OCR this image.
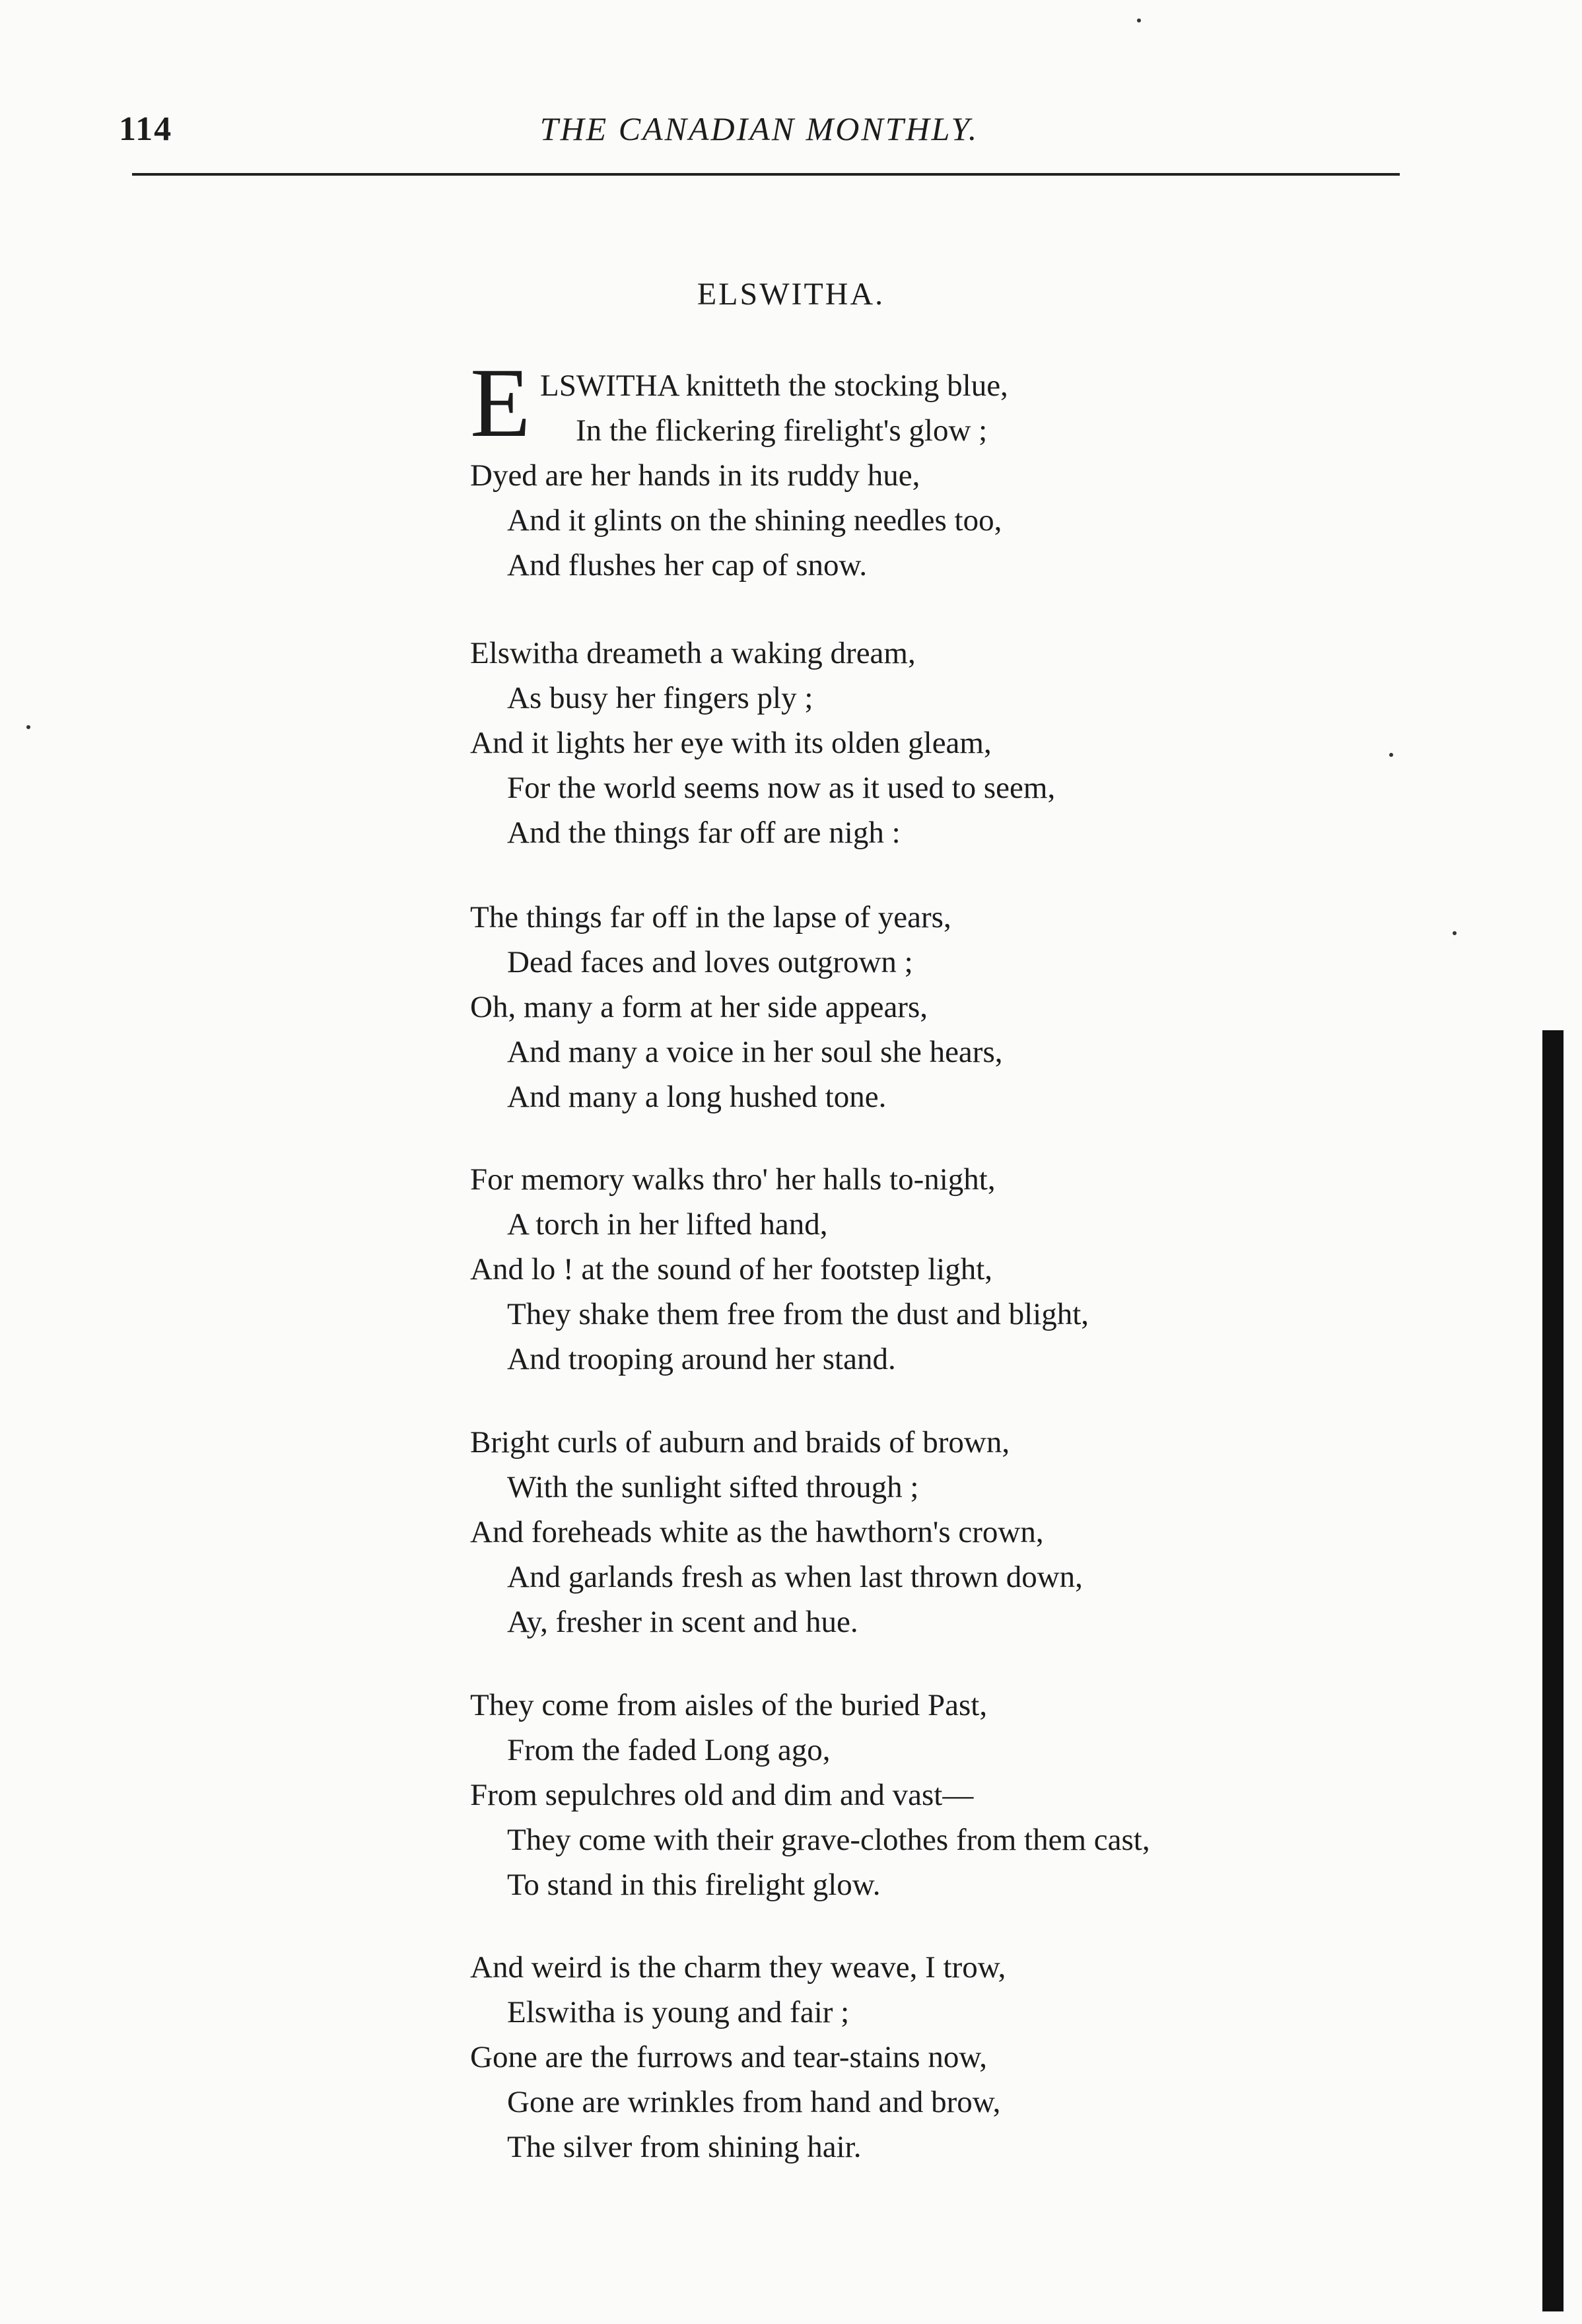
114	THE CANADIAN MONTHLY.
ELSWITHA.
E LSWITHA knitteth the stocking blue,
In the flickering firelight's glow ;
Dyed are her hands in its ruddy hue,
And it glints on the shining needles too,
And flushes her cap of snow.
Elswitha dreameth a waking dream,
As busy her fingers ply ;
And it lights her eye with its olden gleam,
For the world seems now as it used to seem,
And the things far off are nigh :
The things far off in the lapse of years,
Dead faces and loves outgrown ;
Oh, many a form at her side appears,
And many a voice in her soul she hears,
And many a long hushed tone.
For memory walks thro' her halls to-night,
A torch in her lifted hand,
And lo ! at the sound of her footstep light,
They shake them free from the dust and blight,
And trooping around her stand.
Bright curls of auburn and braids of brown,
With the sunlight sifted through ;
And foreheads white as the hawthorn's crown,
And garlands fresh as when last thrown down,
Ay, fresher in scent and hue.
They come from aisles of the buried Past,
From the faded Long ago,
From sepulchres old and dim and vast—
They come with their grave-clothes from them cast,
To stand in this firelight glow.
And weird is the charm they weave, I trow,
Elswitha is young and fair ;
Gone are the furrows and tear-stains now,
Gone are wrinkles from hand and brow,
The silver from shining hair.
